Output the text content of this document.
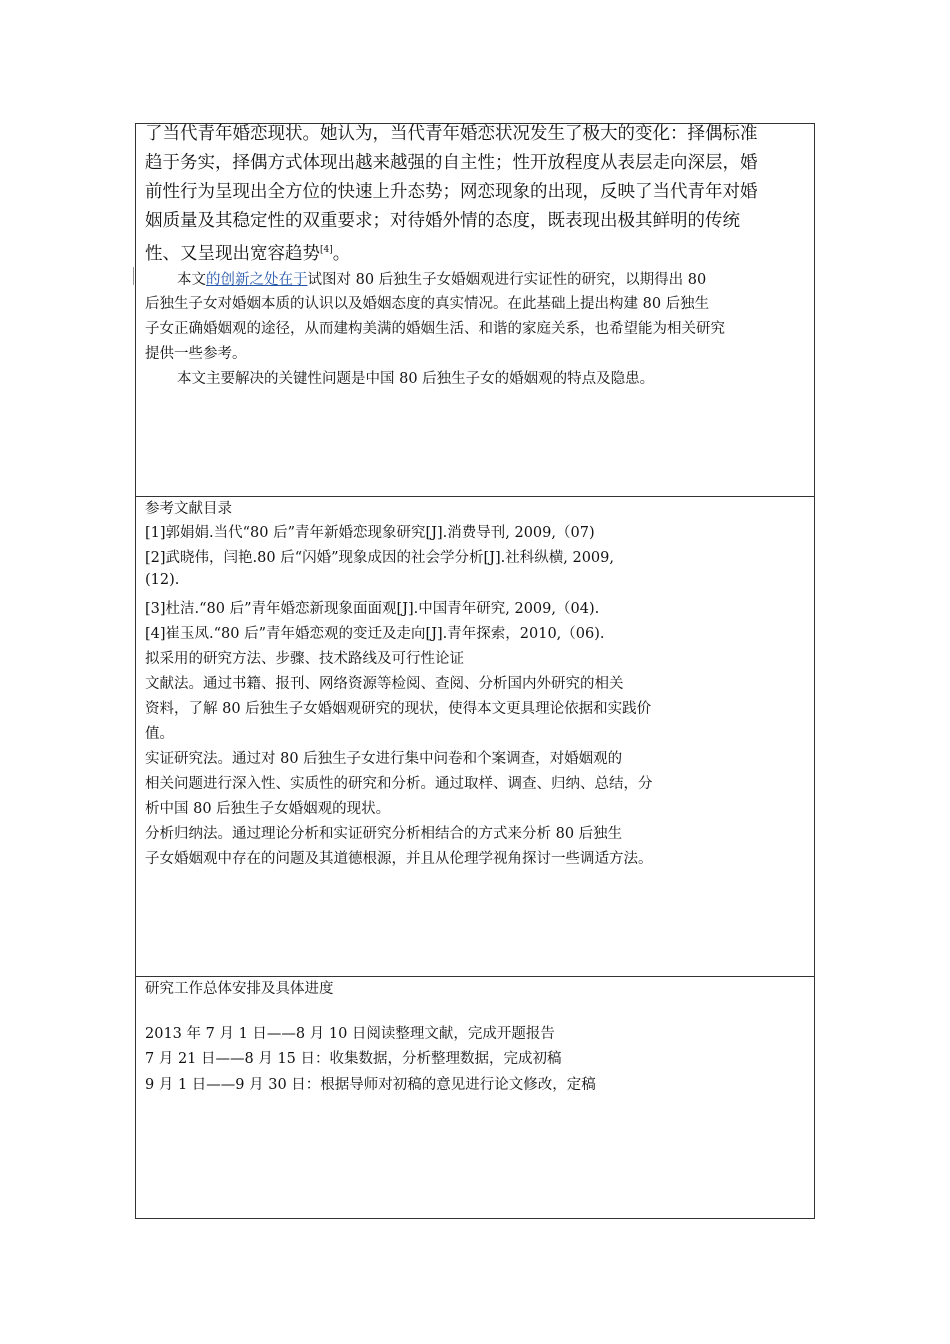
了当代青年婚恋现状。她认为，当代青年婚恋状况发生了极大的变化：择偶标准
趋于务实，择偶方式体现出越来越强的自主性；性开放程度从表层走向深层，婚
前性行为呈现出全方位的快速上升态势；网恋现象的出现，反映了当代青年对婚
姻质量及其稳定性的双重要求；对待婚外情的态度，既表现出极其鲜明的传统
性、又呈现出宽容趋势[4]。
本文的创新之处在于试图对 80 后独生子女婚姻观进行实证性的研究，以期得出 80
后独生子女对婚姻本质的认识以及婚姻态度的真实情况。在此基础上提出构建 80 后独生
子女正确婚姻观的途径，从而建构美满的婚姻生活、和谐的家庭关系，也希望能为相关研究
提供一些参考。
本文主要解决的关键性问题是中国 80 后独生子女的婚姻观的特点及隐患。
参考文献目录
[1]郭娟娟.当代“80 后”青年新婚恋现象研究[J].消费导刊, 2009,（07)
[2]武晓伟，闫艳.80 后“闪婚”现象成因的社会学分析[J].社科纵横, 2009,
(12).
[3]杜洁.“80 后”青年婚恋新现象面面观[J].中国青年研究, 2009,（04).
[4]崔玉凤.“80 后”青年婚恋观的变迁及走向[J].青年探索，2010,（06).
拟采用的研究方法、步骤、技术路线及可行性论证
文献法。通过书籍、报刊、网络资源等检阅、查阅、分析国内外研究的相关
资料，了解 80 后独生子女婚姻观研究的现状，使得本文更具理论依据和实践价
值。
实证研究法。通过对 80 后独生子女进行集中问卷和个案调查，对婚姻观的
相关问题进行深入性、实质性的研究和分析。通过取样、调查、归纳、总结，分
析中国 80 后独生子女婚姻观的现状。
分析归纳法。通过理论分析和实证研究分析相结合的方式来分析 80 后独生
子女婚姻观中存在的问题及其道德根源，并且从伦理学视角探讨一些调适方法。
研究工作总体安排及具体进度
2013 年 7 月 1 日——8 月 10 日阅读整理文献，完成开题报告
7 月 21 日——8 月 15 日：收集数据，分析整理数据，完成初稿
9 月 1 日——9 月 30 日：根据导师对初稿的意见进行论文修改，定稿
